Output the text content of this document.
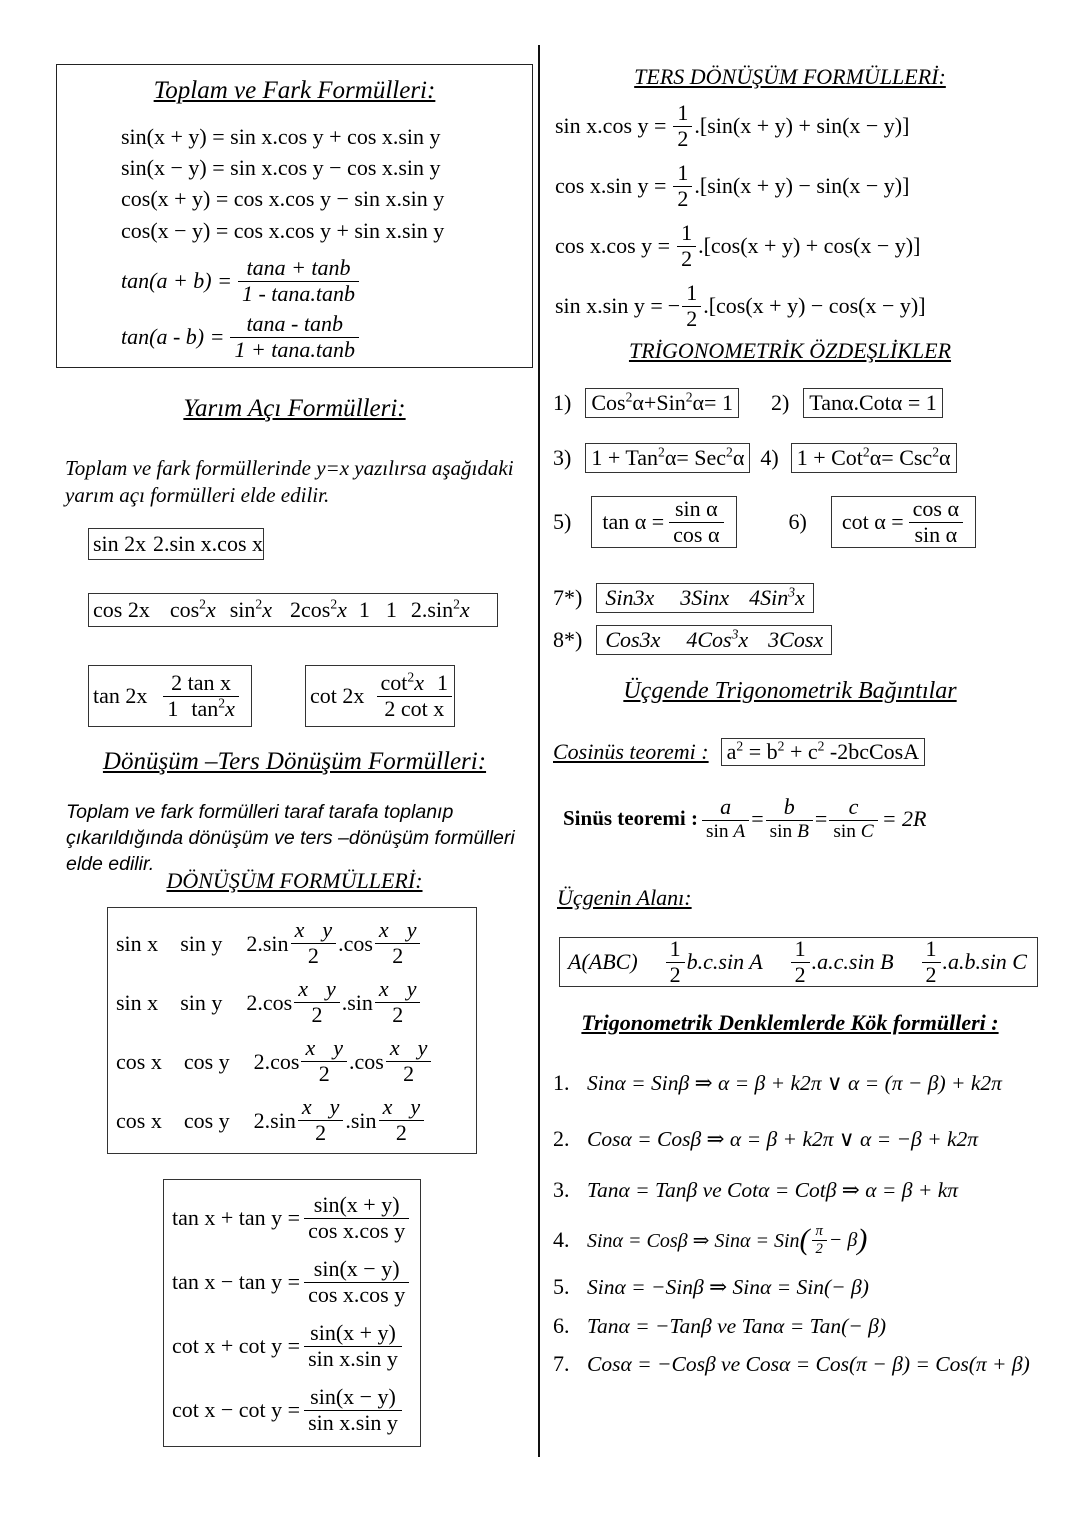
Toplam ve Fark Formülleri:
sin(x + y) = sin x.cos y + cos x.sin y
sin(x − y) = sin x.cos y − cos x.sin y
cos(x + y) = cos x.cos y − sin x.sin y
cos(x − y) = cos x.cos y + sin x.sin y
$\tan(a + b) = \frac{\tan a + \tan b}{1 - \tan a.\tan b}$
$\tan(a - b) = \frac{\tan a - \tan b}{1 + \tan a.\tan b}$
Yarım Açı Formülleri:
Toplam ve fark formüllerinde y=x yazılırsa aşağıdaki yarım açı formülleri elde edilir.
sin 2x 2.sin x.cos x
cos 2x $\cos^2x$ $\sin^2x$ $2\cos^2x$ 1 1 $2.\sin^2x$
$\tan 2x \frac{\text{2 tan x}}{1 \tan^2x}$	$\cot 2x \frac{\cot^2x 1}{\text{2 cot x}}$
Dönüşüm –Ters Dönüşüm Formülleri:
Toplam ve fark formülleri taraf tarafa toplanıp çıkarıldığında dönüşüm ve ters –dönüşüm formülleri elde edilir.
DÖNÜŞÜM FORMÜLLERİ:
sin x sin y $2.\sin \frac{\text{x y}}{2} .\cos \frac{\text{x y}}{2}$
sin x sin y $2.\cos \frac{\text{x y}}{2} .\sin \frac{\text{x y}}{2}$
cos x cos y $2.\cos \frac{\text{x y}}{2} .\cos \frac{\text{x y}}{2}$
cos x cos y $2.\sin \frac{\text{x y}}{2} .\sin \frac{\text{x y}}{2}$
$\tan x + \tan y = \frac{\sin(x + y)}{\text{cos x.cos y}}$
$\tan x - \tan y = \frac{\sin(x - y)}{\text{cos x.cos y}}$
$\cot x + \cot y = \frac{\sin(x + y)}{\text{sin x.sin y}}$
$\cot x - \cot y = \frac{\sin(x - y)}{\text{sin x.sin y}}$
TERS DÖNÜŞÜM FORMÜLLERİ:
sin x.cos $y = \frac{1}{2} .[\sin(x + y) + \sin(x - y)]$
cos x.sin $y = \frac{1}{2} .[\sin(x + y) - \sin(x - y)]$
cos x.cos $y = \frac{1}{2} .[\cos(x + y) + \cos(x - y)]$
sin x.sin y = − $\frac{1}{2} .[\cos(x + y) - \cos(x - y)]$
TRİGONOMETRİK ÖZDEŞLİKLER
1) Cos$^2$α+Sin$^2$α= 1 2) Tanα.Cotα = 1
3) 1 + Tan$^2$α= Sec$^2$α 4) 1 + Cot$^2$α= Csc$^2$α
5) $\tan \alpha = \frac{\text{sin α}}{\text{cos α}}$	6) $\cot \alpha = \frac{\text{cos α}}{\text{sin α}}$
7*)	Sin3x 3Sinx 4Sin$^3$x
8*)	Cos3x 4Cos$^3$x 3Cosx
Üçgende Trigonometrik Bağıntılar
Cosinüs teoremi : $a^2 = b^2 + c^2$ -2bcCosA
Sinüs teoremi : $\frac{a}{\text{sin A}} = \frac{b}{\text{sin B}} = \frac{c}{\text{sin C}} = 2R$
Üçgenin Alanı:
$A(ABC) \frac{1}{2} b.c.\sin$ A $\frac{1}{2} .a.c.\sin$ B $\frac{1}{2} .a.b.\sin$ C
Trigonometrik Denklemlerde Kök formülleri :
1. Sinα = Sinβ ⇒ α = β + k2π ∨ α = (π − β) + k2π
2. Cosα = Cosβ ⇒ α = β + k2π ∨ α = −β + k2π
3. Tanα = Tanβ ve Cotα = Cotβ ⇒ α = β + kπ
4. Sinα = Cosβ ⇒ Sinα = Sin ( $\frac{\pi}{2} - \beta$ )
5. Sinα = −Sinβ ⇒ Sinα = Sin(− β)
6. Tanα = −Tanβ ve Tanα = Tan(− β)
7. Cosα = −Cosβ ve Cosα = Cos(π − β) = Cos(π + β)
